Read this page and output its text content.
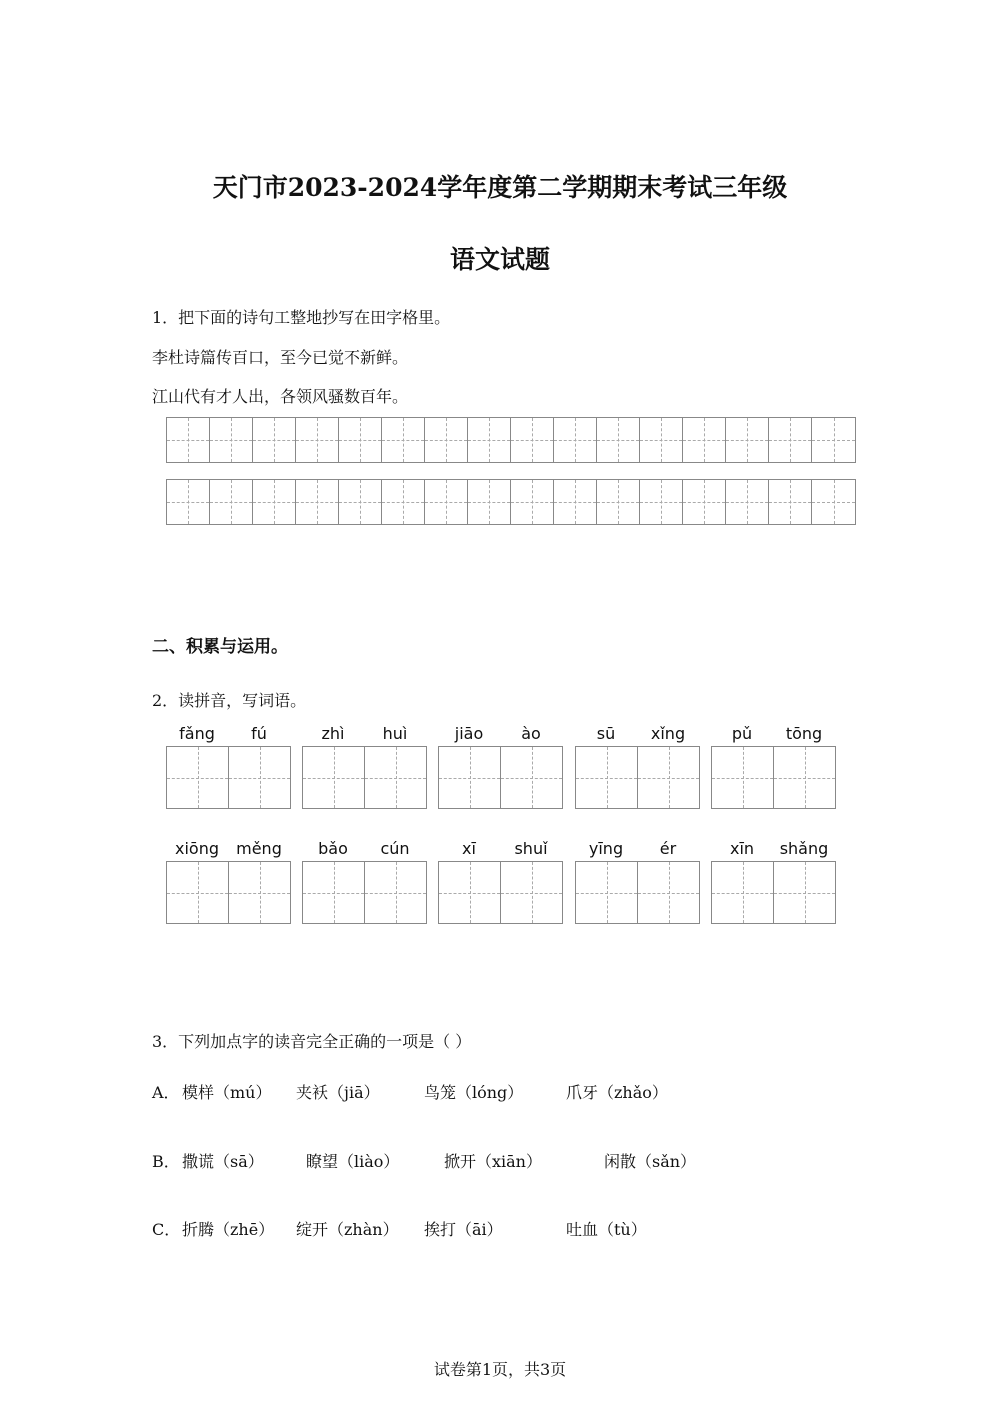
天门市2023-2024学年度第二学期期末考试三年级
语文试题
1．把下面的诗句工整地抄写在田字格里。
李杜诗篇传百口，至今已觉不新鲜。
江山代有才人出，各领风骚数百年。
二、积累与运用。
2．读拼音，写词语。
fǎng	fú	zhì	huì	jiāo	ào	sū	xǐng	pǔ	tōng
xiōng	měng	bǎo	cún	xī	shuǐ	yīng	ér	xīn	shǎng
3．下列加点字的读音完全正确的一项是（ ）
A． 模样（mú） 夹袄（jiā）	鸟笼（lóng）	爪牙（zhǎo）
B． 撒谎（sā）	瞭望（liào）	掀开（xiān）	闲散（sǎn）
C． 折腾（zhē） 绽开（zhàn） 挨打（āi）	吐血（tù）
试卷第1页，共3页
